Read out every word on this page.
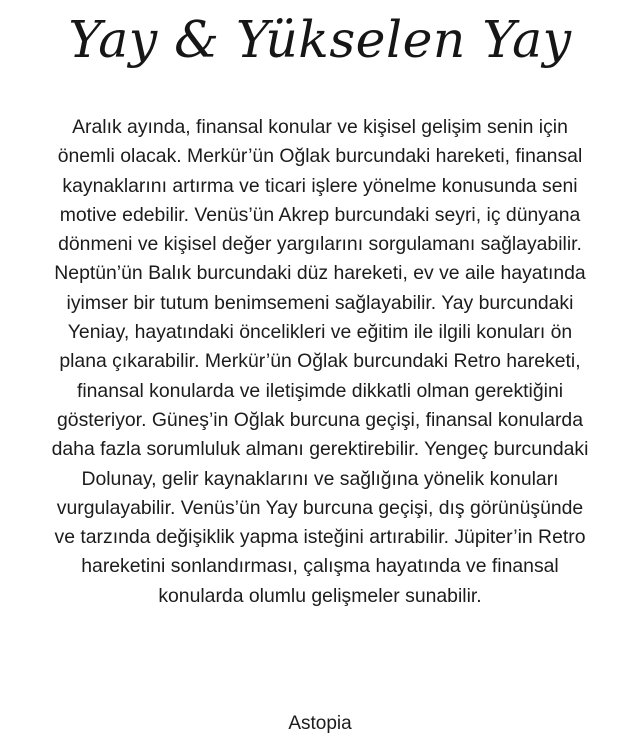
Yay & Yükselen Yay

Aralık ayında, finansal konular ve kişisel gelişim senin için
önemli olacak. Merkür’ün Oğlak burcundaki hareketi, finansal
kaynaklarını artırma ve ticari işlere yönelme konusunda seni
motive edebilir. Venüs’ün Akrep burcundaki seyri, iç dünyana
dönmeni ve kişisel değer yargılarını sorgulamanı sağlayabilir.
Neptün’ün Balık burcundaki düz hareketi, ev ve aile hayatında
iyimser bir tutum benimsemeni sağlayabilir. Yay burcundaki
Yeniay, hayatındaki öncelikleri ve eğitim ile ilgili konuları ön
plana çıkarabilir. Merkür’ün Oğlak burcundaki Retro hareketi,
finansal konularda ve iletişimde dikkatli olman gerektiğini
gösteriyor. Güneş’in Oğlak burcuna geçişi, finansal konularda
daha fazla sorumluluk almanı gerektirebilir. Yengeç burcundaki
Dolunay, gelir kaynaklarını ve sağlığına yönelik konuları
vurgulayabilir. Venüs’ün Yay burcuna geçişi, dış görünüşünde
ve tarzında değişiklik yapma isteğini artırabilir. Jüpiter’in Retro
hareketini sonlandırması, çalışma hayatında ve finansal
konularda olumlu gelişmeler sunabilir.

Astopia
